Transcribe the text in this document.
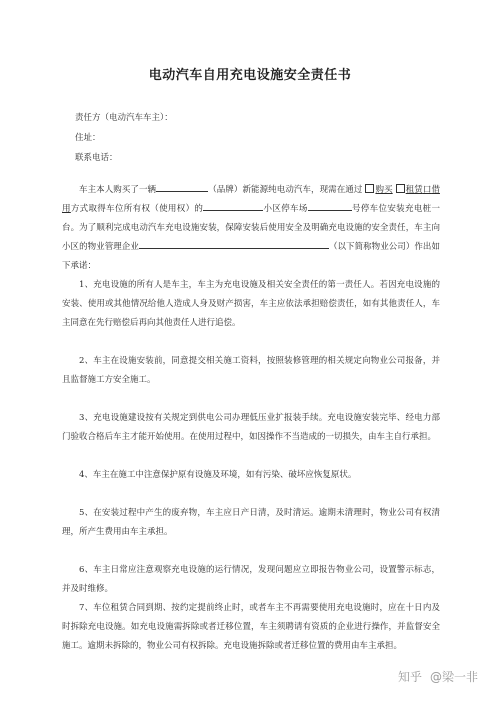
电动汽车自用充电设施安全责任书
责任方（电动汽车车主）：
住址：
联系电话：

车主本人购买了一辆	（品牌）新能源纯电动汽车，现需在通过 购买 租赁口借用方式取得车位所有权（使用权）的	小区停车场	号停车位安装充电桩一台。为了顺利完成电动汽车充电设施安装，保障安装后使用安全及明确充电设施的安全责任，车主向小区的物业管理企业	（以下简称物业公司）作出如下承诺：

1、充电设施的所有人是车主，车主为充电设施及相关安全责任的第一责任人。若因充电设施的安装、使用或其他情况给他人造成人身及财产损害，车主应依法承担赔偿责任，如有其他责任人，车主同意在先行赔偿后再向其他责任人进行追偿。

2、车主在设施安装前，同意提交相关施工资料，按照装修管理的相关规定向物业公司报备，并且监督施工方安全施工。

3、充电设施建设按有关规定到供电公司办理低压业扩报装手续。充电设施安装完毕、经电力部门验收合格后车主才能开始使用。在使用过程中，如因操作不当造成的一切损失，由车主自行承担。

4、车主在施工中注意保护原有设施及环境，如有污染、破坏应恢复原状。

5、在安装过程中产生的废弃物，车主应日产日清，及时清运。逾期未清理时，物业公司有权清理，所产生费用由车主承担。

6、车主日常应注意观察充电设施的运行情况，发现问题应立即报告物业公司，设置警示标志，并及时维修。

7、车位租赁合同到期、按约定提前终止时，或者车主不再需要使用充电设施时，应在十日内及时拆除充电设施。如充电设施需拆除或者迁移位置，车主须聘请有资质的企业进行操作，并监督安全施工。逾期未拆除的，物业公司有权拆除。充电设施拆除或者迁移位置的费用由车主承担。

知乎 @梁一非
